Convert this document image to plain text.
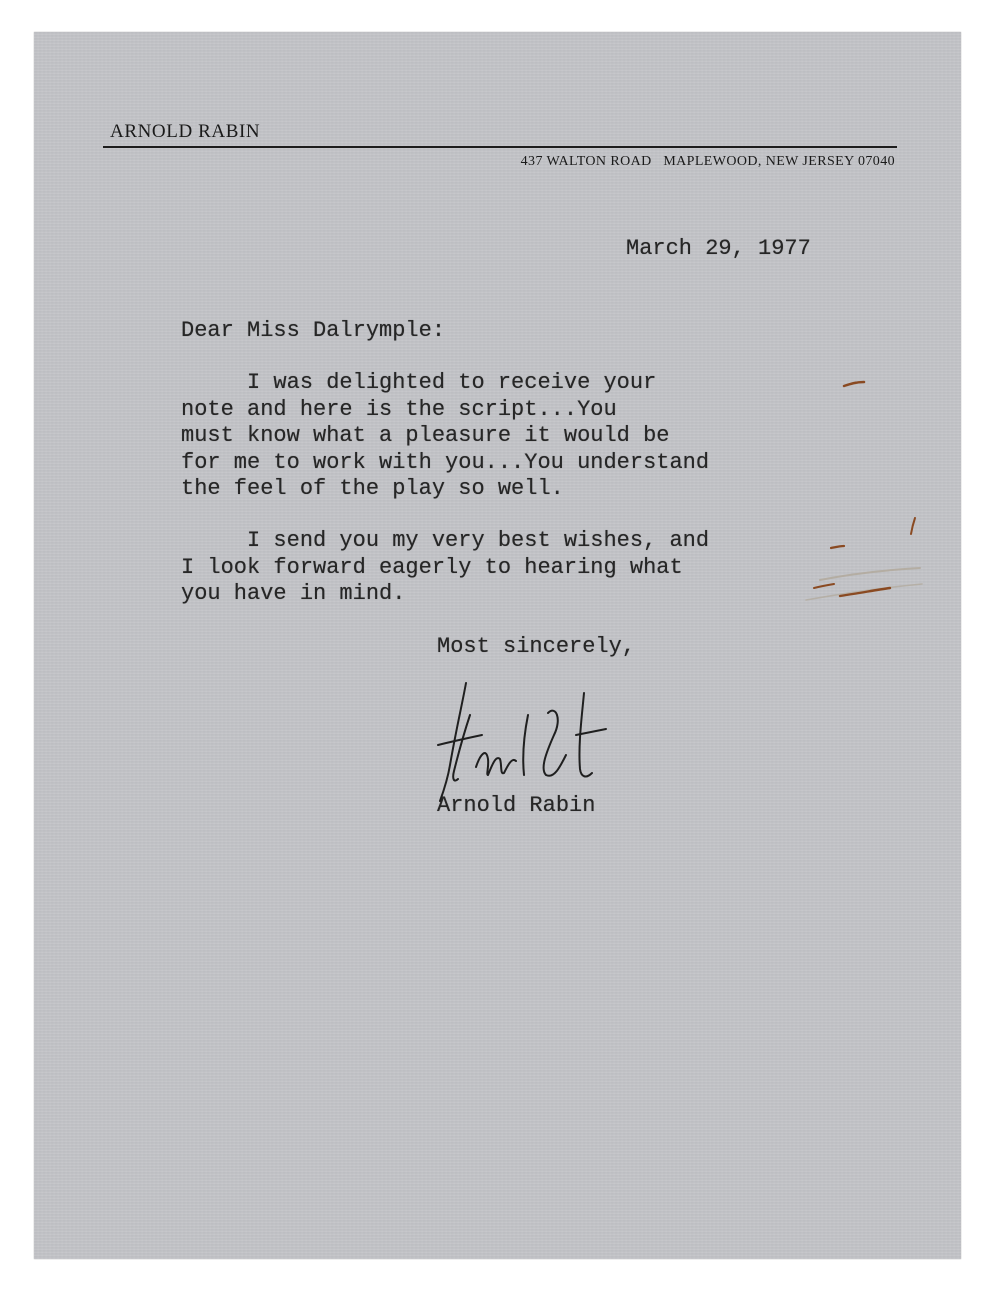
ARNOLD RABIN
437 WALTON ROAD   MAPLEWOOD, NEW JERSEY 07040
March 29, 1977
Dear Miss Dalrymple:
I was delighted to receive your
note and here is the script...You
must know what a pleasure it would be
for me to work with you...You understand
the feel of the play so well.
I send you my very best wishes, and
I look forward eagerly to hearing what
you have in mind.
Most sincerely,
Arnold Rabin
